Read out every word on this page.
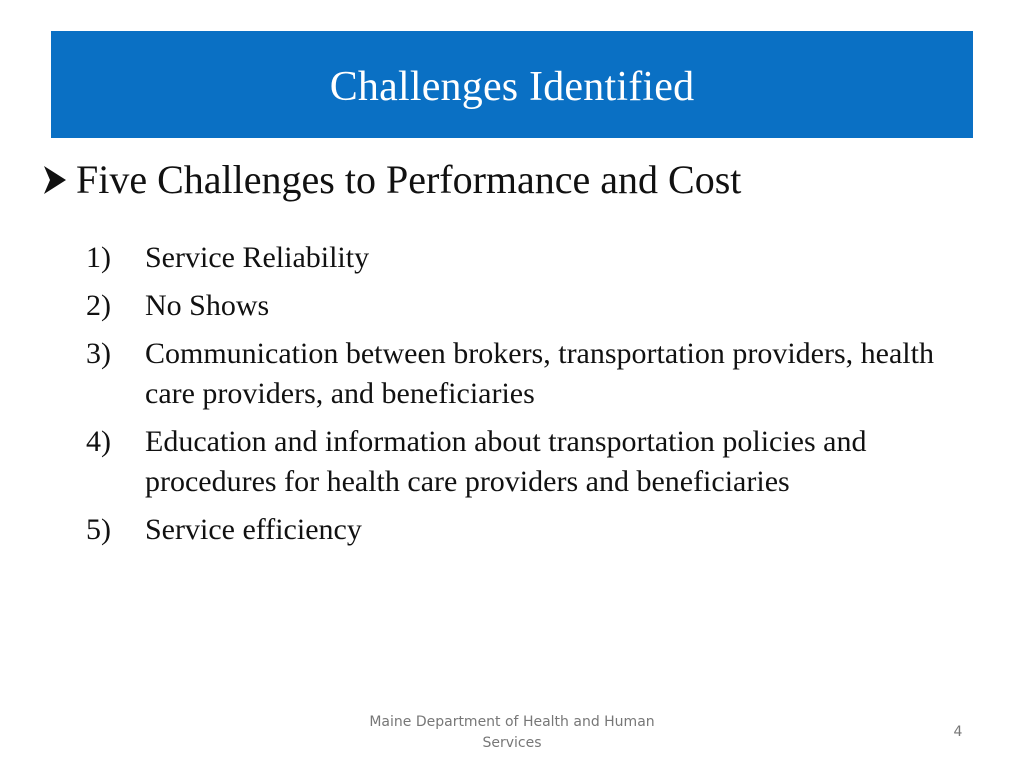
Challenges Identified
Five Challenges to Performance and Cost
1)	Service Reliability
2)	No Shows
3)	Communication between brokers, transportation providers, health care providers, and beneficiaries
4)	Education and information about transportation policies and procedures for health care providers and beneficiaries
5)	Service efficiency
Maine Department of Health and Human Services
4
